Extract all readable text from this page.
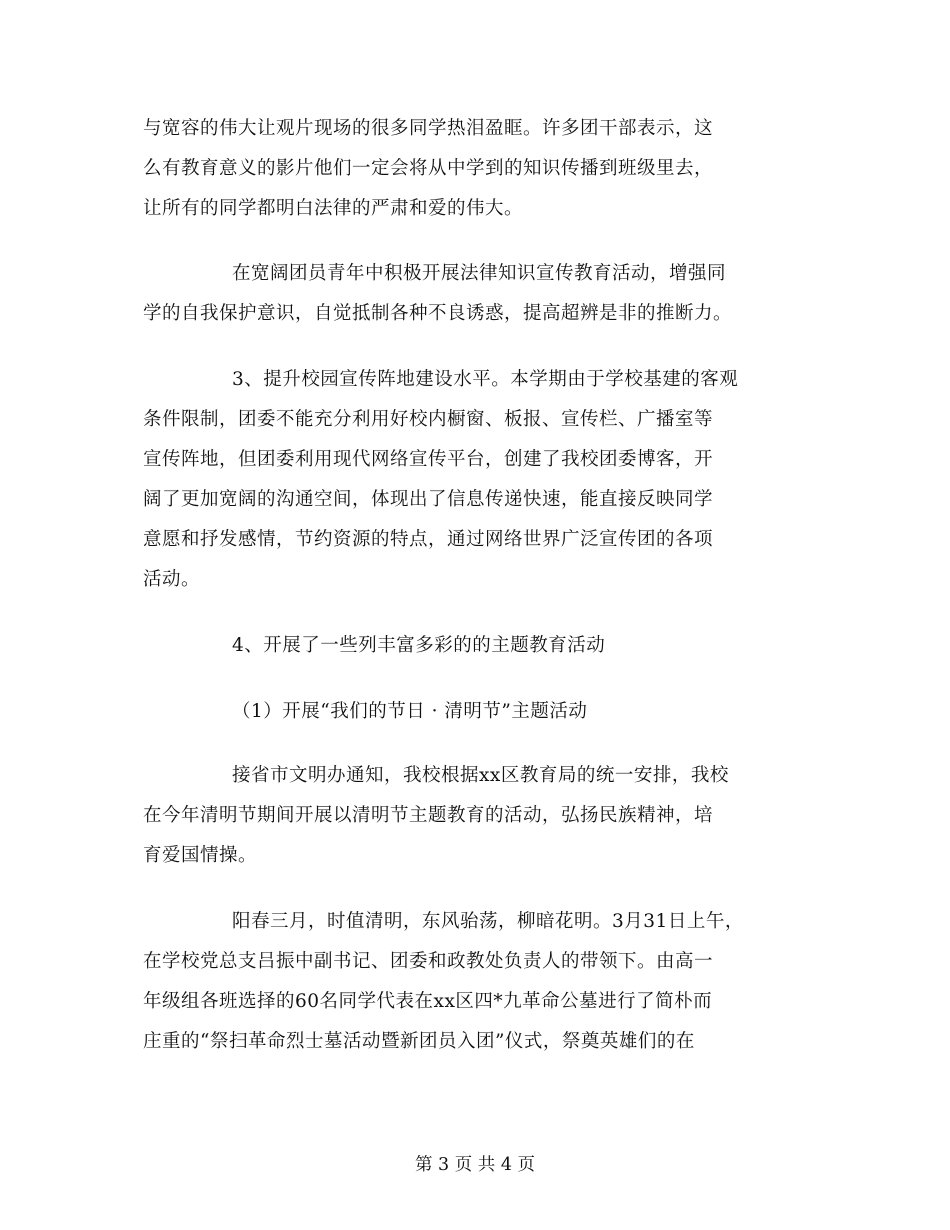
与宽容的伟大让观片现场的很多同学热泪盈眶。许多团干部表示，这
么有教育意义的影片他们一定会将从中学到的知识传播到班级里去，
让所有的同学都明白法律的严肃和爱的伟大。
在宽阔团员青年中积极开展法律知识宣传教育活动，增强同
学的自我保护意识，自觉抵制各种不良诱惑，提高超辨是非的推断力。
3、提升校园宣传阵地建设水平。本学期由于学校基建的客观
条件限制，团委不能充分利用好校内橱窗、板报、宣传栏、广播室等
宣传阵地，但团委利用现代网络宣传平台，创建了我校团委博客，开
阔了更加宽阔的沟通空间，体现出了信息传递快速，能直接反映同学
意愿和抒发感情，节约资源的特点，通过网络世界广泛宣传团的各项
活动。
4、开展了一些列丰富多彩的的主题教育活动
（1）开展“我们的节日 · 清明节”主题活动
接省市文明办通知，我校根据xx区教育局的统一安排，我校
在今年清明节期间开展以清明节主题教育的活动，弘扬民族精神，培
育爱国情操。
阳春三月，时值清明，东风骀荡，柳暗花明。3月31日上午，
在学校党总支吕振中副书记、团委和政教处负责人的带领下。由高一
年级组各班选择的60名同学代表在xx区四*九革命公墓进行了简朴而
庄重的“祭扫革命烈士墓活动暨新团员入团”仪式，祭奠英雄们的在
第 3 页 共 4 页
